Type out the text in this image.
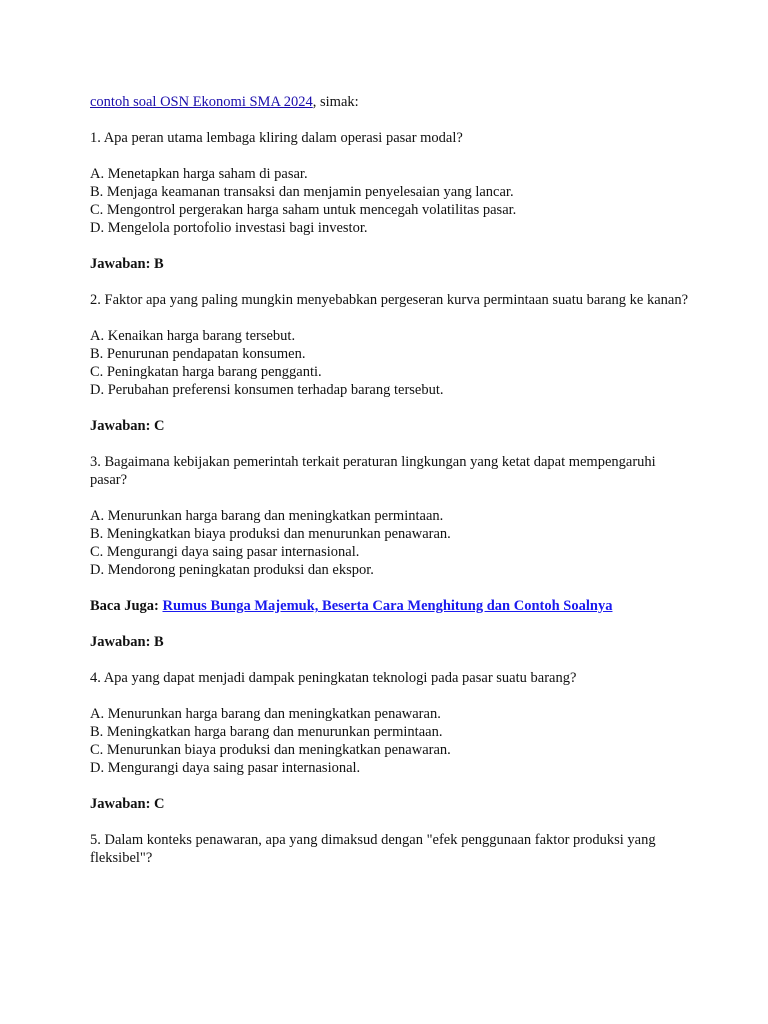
contoh soal OSN Ekonomi SMA 2024, simak:

1. Apa peran utama lembaga kliring dalam operasi pasar modal?

A. Menetapkan harga saham di pasar.

B. Menjaga keamanan transaksi dan menjamin penyelesaian yang lancar.

C. Mengontrol pergerakan harga saham untuk mencegah volatilitas pasar.

D. Mengelola portofolio investasi bagi investor.

Jawaban: B

2. Faktor apa yang paling mungkin menyebabkan pergeseran kurva permintaan suatu barang ke kanan?

A. Kenaikan harga barang tersebut.

B. Penurunan pendapatan konsumen.

C. Peningkatan harga barang pengganti.

D. Perubahan preferensi konsumen terhadap barang tersebut.

Jawaban: C

3. Bagaimana kebijakan pemerintah terkait peraturan lingkungan yang ketat dapat mempengaruhi pasar?

A. Menurunkan harga barang dan meningkatkan permintaan.

B. Meningkatkan biaya produksi dan menurunkan penawaran.

C. Mengurangi daya saing pasar internasional.

D. Mendorong peningkatan produksi dan ekspor.

Baca Juga: Rumus Bunga Majemuk, Beserta Cara Menghitung dan Contoh Soalnya

Jawaban: B

4. Apa yang dapat menjadi dampak peningkatan teknologi pada pasar suatu barang?

A. Menurunkan harga barang dan meningkatkan penawaran.

B. Meningkatkan harga barang dan menurunkan permintaan.

C. Menurunkan biaya produksi dan meningkatkan penawaran.

D. Mengurangi daya saing pasar internasional.

Jawaban: C

5. Dalam konteks penawaran, apa yang dimaksud dengan "efek penggunaan faktor produksi yang fleksibel"?
